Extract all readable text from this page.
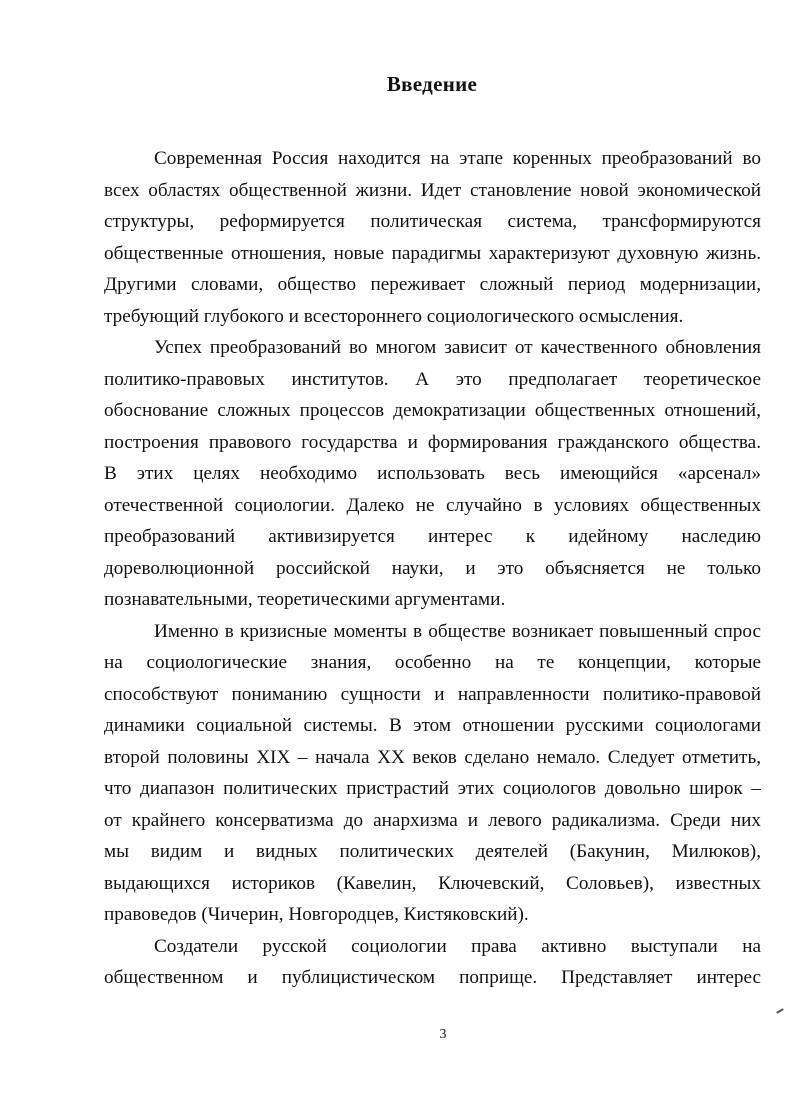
Введение
Современная Россия находится на этапе коренных преобразований во
всех областях общественной жизни. Идет становление новой экономической
структуры, реформируется политическая система, трансформируются
общественные отношения, новые парадигмы характеризуют духовную жизнь.
Другими словами, общество переживает сложный период модернизации,
требующий глубокого и всестороннего социологического осмысления.
Успех преобразований во многом зависит от качественного обновления
политико-правовых институтов. А это предполагает теоретическое
обоснование сложных процессов демократизации общественных отношений,
построения правового государства и формирования гражданского общества.
В этих целях необходимо использовать весь имеющийся «арсенал»
отечественной социологии. Далеко не случайно в условиях общественных
преобразований активизируется интерес к идейному наследию
дореволюционной российской науки, и это объясняется не только
познавательными, теоретическими аргументами.
Именно в кризисные моменты в обществе возникает повышенный спрос
на социологические знания, особенно на те концепции, которые
способствуют пониманию сущности и направленности политико-правовой
динамики социальной системы. В этом отношении русскими социологами
второй половины XIX – начала XX веков сделано немало. Следует отметить,
что диапазон политических пристрастий этих социологов довольно широк –
от крайнего консерватизма до анархизма и левого радикализма. Среди них
мы видим и видных политических деятелей (Бакунин, Милюков),
выдающихся историков (Кавелин, Ключевский, Соловьев), известных
правоведов (Чичерин, Новгородцев, Кистяковский).
Создатели русской социологии права активно выступали на
общественном и публицистическом поприще. Представляет интерес
3
